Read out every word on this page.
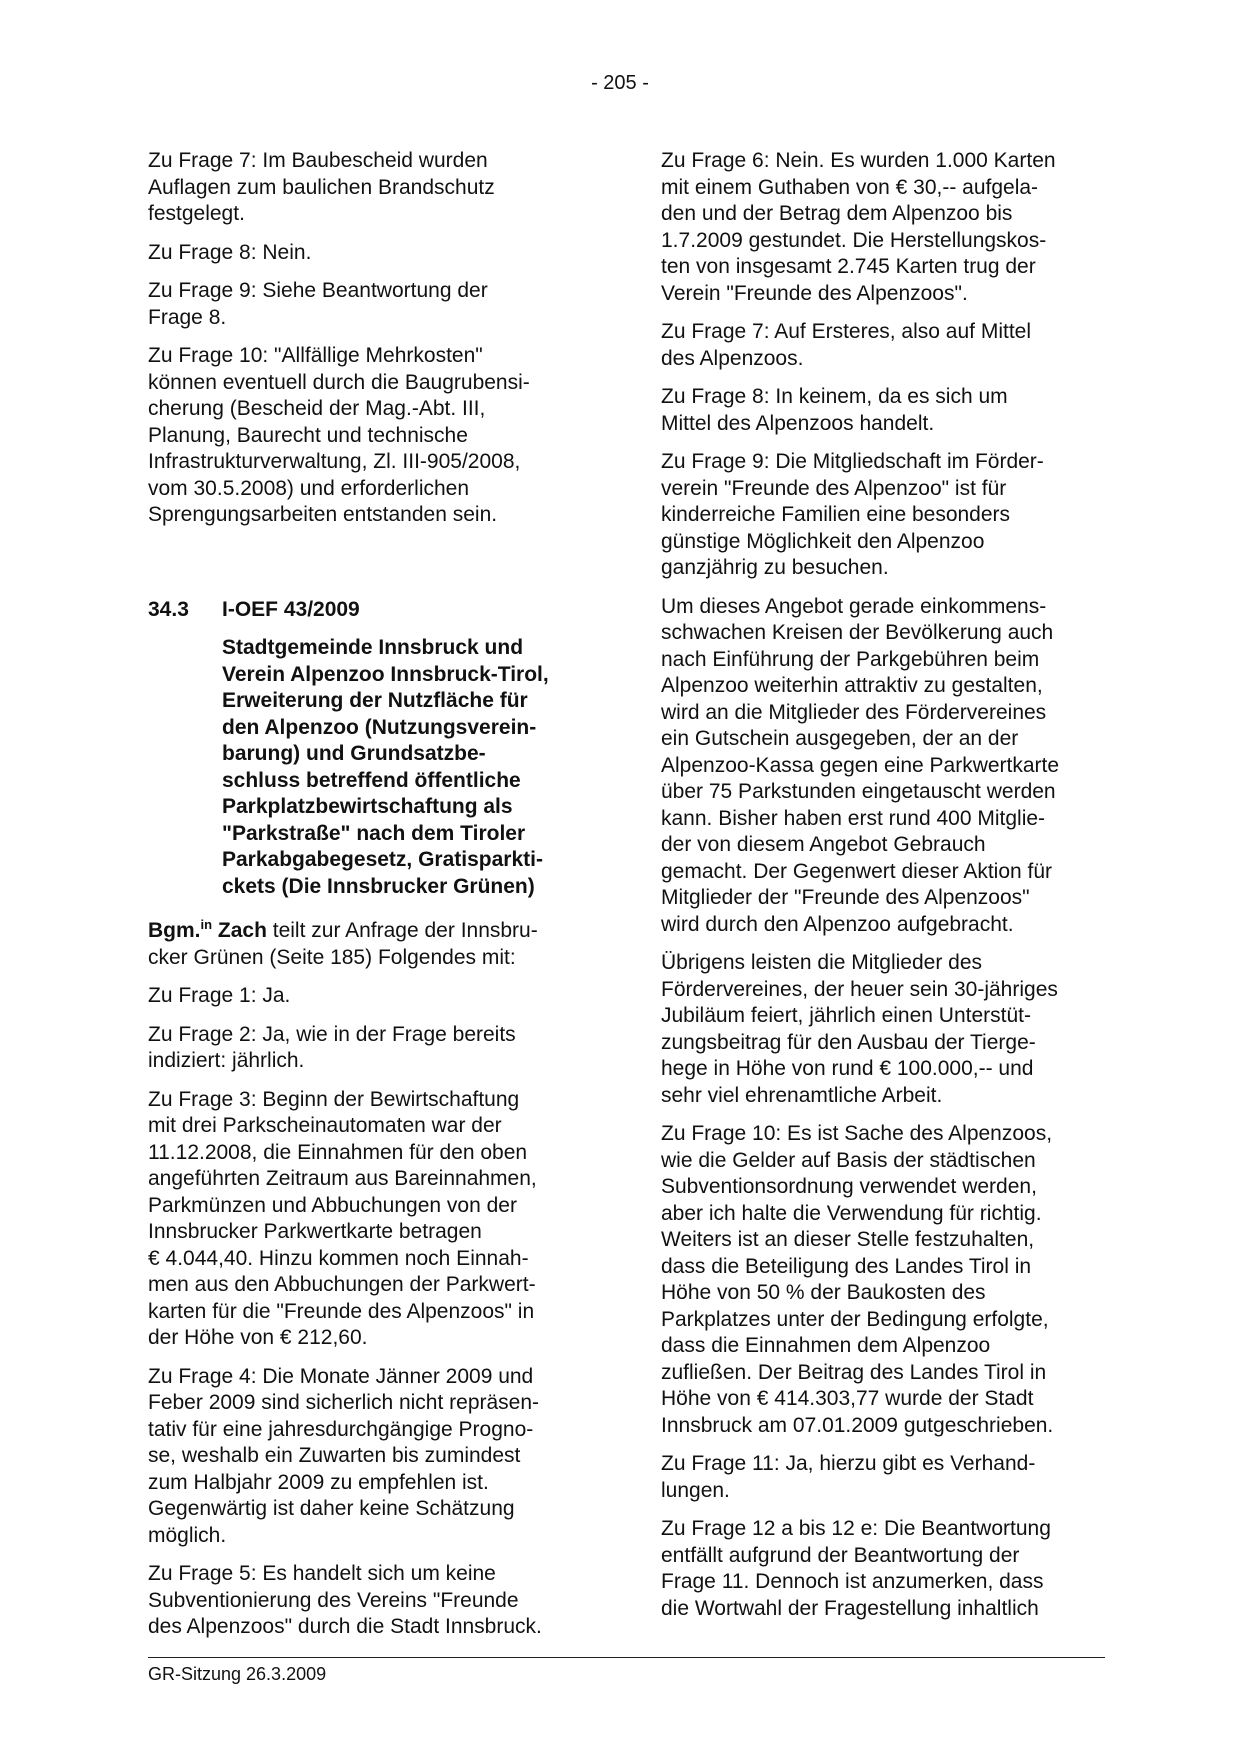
- 205 -

Zu Frage 7: Im Baubescheid wurden
Auflagen zum baulichen Brandschutz
festgelegt.

Zu Frage 8: Nein.

Zu Frage 9: Siehe Beantwortung der
Frage 8.

Zu Frage 10: "Allfällige Mehrkosten"
können eventuell durch die Baugrubensi-
cherung (Bescheid der Mag.-Abt. III,
Planung, Baurecht und technische
Infrastrukturverwaltung, Zl. III-905/2008,
vom 30.5.2008) und erforderlichen
Sprengungsarbeiten entstanden sein.

34.3	I-OEF 43/2009

Stadtgemeinde Innsbruck und
Verein Alpenzoo Innsbruck-Tirol,
Erweiterung der Nutzfläche für
den Alpenzoo (Nutzungsverein-
barung) und Grundsatzbe-
schluss betreffend öffentliche
Parkplatzbewirtschaftung als
"Parkstraße" nach dem Tiroler
Parkabgabegesetz, Gratisparkti-
ckets (Die Innsbrucker Grünen)

Bgm.$^{in}$ Zach teilt zur Anfrage der Innsbru-
cker Grünen (Seite 185) Folgendes mit:

Zu Frage 1: Ja.

Zu Frage 2: Ja, wie in der Frage bereits
indiziert: jährlich.

Zu Frage 3: Beginn der Bewirtschaftung
mit drei Parkscheinautomaten war der
11.12.2008, die Einnahmen für den oben
angeführten Zeitraum aus Bareinnahmen,
Parkmünzen und Abbuchungen von der
Innsbrucker Parkwertkarte betragen
€ 4.044,40. Hinzu kommen noch Einnah-
men aus den Abbuchungen der Parkwert-
karten für die "Freunde des Alpenzoos" in
der Höhe von € 212,60.

Zu Frage 4: Die Monate Jänner 2009 und
Feber 2009 sind sicherlich nicht repräsen-
tativ für eine jahresdurchgängige Progno-
se, weshalb ein Zuwarten bis zumindest
zum Halbjahr 2009 zu empfehlen ist.
Gegenwärtig ist daher keine Schätzung
möglich.

Zu Frage 5: Es handelt sich um keine
Subventionierung des Vereins "Freunde
des Alpenzoos" durch die Stadt Innsbruck.

Zu Frage 6: Nein. Es wurden 1.000 Karten
mit einem Guthaben von € 30,-- aufgela-
den und der Betrag dem Alpenzoo bis
1.7.2009 gestundet. Die Herstellungskos-
ten von insgesamt 2.745 Karten trug der
Verein "Freunde des Alpenzoos".

Zu Frage 7: Auf Ersteres, also auf Mittel
des Alpenzoos.

Zu Frage 8: In keinem, da es sich um
Mittel des Alpenzoos handelt.

Zu Frage 9: Die Mitgliedschaft im Förder-
verein "Freunde des Alpenzoo" ist für
kinderreiche Familien eine besonders
günstige Möglichkeit den Alpenzoo
ganzjährig zu besuchen.

Um dieses Angebot gerade einkommens-
schwachen Kreisen der Bevölkerung auch
nach Einführung der Parkgebühren beim
Alpenzoo weiterhin attraktiv zu gestalten,
wird an die Mitglieder des Fördervereines
ein Gutschein ausgegeben, der an der
Alpenzoo-Kassa gegen eine Parkwertkarte
über 75 Parkstunden eingetauscht werden
kann. Bisher haben erst rund 400 Mitglie-
der von diesem Angebot Gebrauch
gemacht. Der Gegenwert dieser Aktion für
Mitglieder der "Freunde des Alpenzoos"
wird durch den Alpenzoo aufgebracht.

Übrigens leisten die Mitglieder des
Fördervereines, der heuer sein 30-jähriges
Jubiläum feiert, jährlich einen Unterstüt-
zungsbeitrag für den Ausbau der Tierge-
hege in Höhe von rund € 100.000,-- und
sehr viel ehrenamtliche Arbeit.

Zu Frage 10: Es ist Sache des Alpenzoos,
wie die Gelder auf Basis der städtischen
Subventionsordnung verwendet werden,
aber ich halte die Verwendung für richtig.
Weiters ist an dieser Stelle festzuhalten,
dass die Beteiligung des Landes Tirol in
Höhe von 50 % der Baukosten des
Parkplatzes unter der Bedingung erfolgte,
dass die Einnahmen dem Alpenzoo
zufließen. Der Beitrag des Landes Tirol in
Höhe von € 414.303,77 wurde der Stadt
Innsbruck am 07.01.2009 gutgeschrieben.

Zu Frage 11: Ja, hierzu gibt es Verhand-
lungen.

Zu Frage 12 a bis 12 e: Die Beantwortung
entfällt aufgrund der Beantwortung der
Frage 11. Dennoch ist anzumerken, dass
die Wortwahl der Fragestellung inhaltlich

GR-Sitzung 26.3.2009
